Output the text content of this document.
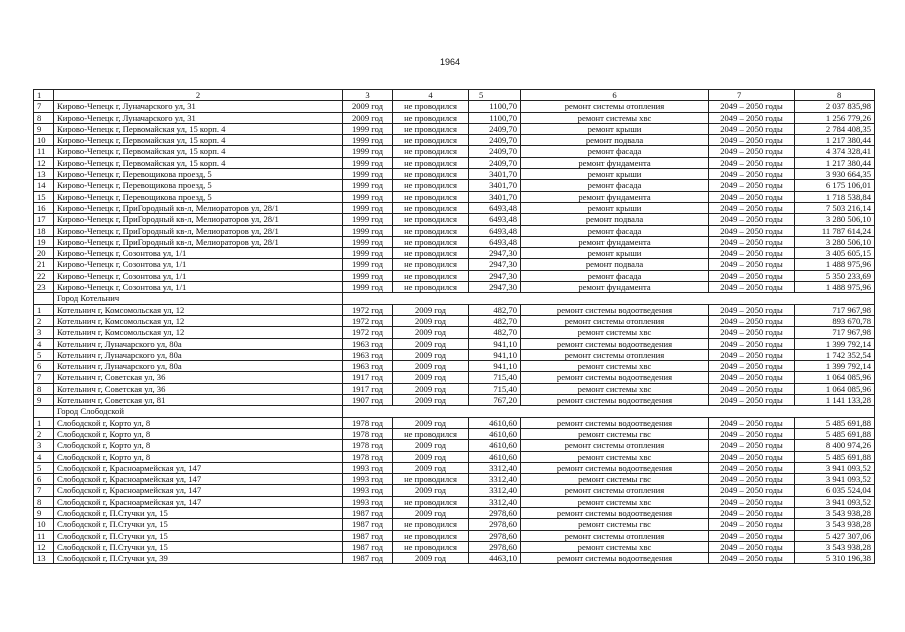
1964
1	2	3	4	5	6	7	8
7	Кирово-Чепецк г, Луначарского ул, 31	2009 год	не проводился	1100,70	ремонт системы отопления	2049 – 2050 годы	2 037 835,98
8	Кирово-Чепецк г, Луначарского ул, 31	2009 год	не проводился	1100,70	ремонт системы хвс	2049 – 2050 годы	1 256 779,26
9	Кирово-Чепецк г, Первомайская ул, 15 корп. 4	1999 год	не проводился	2409,70	ремонт крыши	2049 – 2050 годы	2 784 408,35
10	Кирово-Чепецк г, Первомайская ул, 15 корп. 4	1999 год	не проводился	2409,70	ремонт подвала	2049 – 2050 годы	1 217 380,44
11	Кирово-Чепецк г, Первомайская ул, 15 корп. 4	1999 год	не проводился	2409,70	ремонт фасада	2049 – 2050 годы	4 374 328,41
12	Кирово-Чепецк г, Первомайская ул, 15 корп. 4	1999 год	не проводился	2409,70	ремонт фундамента	2049 – 2050 годы	1 217 380,44
13	Кирово-Чепецк г, Перевощикова проезд, 5	1999 год	не проводился	3401,70	ремонт крыши	2049 – 2050 годы	3 930 664,35
14	Кирово-Чепецк г, Перевощикова проезд, 5	1999 год	не проводился	3401,70	ремонт фасада	2049 – 2050 годы	6 175 106,01
15	Кирово-Чепецк г, Перевощикова проезд, 5	1999 год	не проводился	3401,70	ремонт фундамента	2049 – 2050 годы	1 718 538,84
16	Кирово-Чепецк г, ПриГородный кв-л, Мелиораторов ул, 28/1	1999 год	не проводился	6493,48	ремонт крыши	2049 – 2050 годы	7 503 216,14
17	Кирово-Чепецк г, ПриГородный кв-л, Мелиораторов ул, 28/1	1999 год	не проводился	6493,48	ремонт подвала	2049 – 2050 годы	3 280 506,10
18	Кирово-Чепецк г, ПриГородный кв-л, Мелиораторов ул, 28/1	1999 год	не проводился	6493,48	ремонт фасада	2049 – 2050 годы	11 787 614,24
19	Кирово-Чепецк г, ПриГородный кв-л, Мелиораторов ул, 28/1	1999 год	не проводился	6493,48	ремонт фундамента	2049 – 2050 годы	3 280 506,10
20	Кирово-Чепецк г, Созонтова ул, 1/1	1999 год	не проводился	2947,30	ремонт крыши	2049 – 2050 годы	3 405 605,15
21	Кирово-Чепецк г, Созонтова ул, 1/1	1999 год	не проводился	2947,30	ремонт подвала	2049 – 2050 годы	1 488 975,96
22	Кирово-Чепецк г, Созонтова ул, 1/1	1999 год	не проводился	2947,30	ремонт фасада	2049 – 2050 годы	5 350 233,69
23	Кирово-Чепецк г, Созонтова ул, 1/1	1999 год	не проводился	2947,30	ремонт фундамента	2049 – 2050 годы	1 488 975,96
	Город Котельнич						
1	Котельнич г, Комсомольская ул, 12	1972 год	2009 год	482,70	ремонт системы водоотведения	2049 – 2050 годы	717 967,98
2	Котельнич г, Комсомольская ул, 12	1972 год	2009 год	482,70	ремонт системы отопления	2049 – 2050 годы	893 670,78
3	Котельнич г, Комсомольская ул, 12	1972 год	2009 год	482,70	ремонт системы хвс	2049 – 2050 годы	717 967,98
4	Котельнич г, Луначарского ул, 80а	1963 год	2009 год	941,10	ремонт системы водоотведения	2049 – 2050 годы	1 399 792,14
5	Котельнич г, Луначарского ул, 80а	1963 год	2009 год	941,10	ремонт системы отопления	2049 – 2050 годы	1 742 352,54
6	Котельнич г, Луначарского ул, 80а	1963 год	2009 год	941,10	ремонт системы хвс	2049 – 2050 годы	1 399 792,14
7	Котельнич г, Советская ул, 36	1917 год	2009 год	715,40	ремонт системы водоотведения	2049 – 2050 годы	1 064 085,96
8	Котельнич г, Советская ул, 36	1917 год	2009 год	715,40	ремонт системы хвс	2049 – 2050 годы	1 064 085,96
9	Котельнич г, Советская ул, 81	1907 год	2009 год	767,20	ремонт системы водоотведения	2049 – 2050 годы	1 141 133,28
	Город Слободской						
1	Слободской г, Корто ул, 8	1978 год	2009 год	4610,60	ремонт системы водоотведения	2049 – 2050 годы	5 485 691,88
2	Слободской г, Корто ул, 8	1978 год	не проводился	4610,60	ремонт системы гвс	2049 – 2050 годы	5 485 691,88
3	Слободской г, Корто ул, 8	1978 год	2009 год	4610,60	ремонт системы отопления	2049 – 2050 годы	8 400 974,26
4	Слободской г, Корто ул, 8	1978 год	2009 год	4610,60	ремонт системы хвс	2049 – 2050 годы	5 485 691,88
5	Слободской г, Красноармейская ул, 147	1993 год	2009 год	3312,40	ремонт системы водоотведения	2049 – 2050 годы	3 941 093,52
6	Слободской г, Красноармейская ул, 147	1993 год	не проводился	3312,40	ремонт системы гвс	2049 – 2050 годы	3 941 093,52
7	Слободской г, Красноармейская ул, 147	1993 год	2009 год	3312,40	ремонт системы отопления	2049 – 2050 годы	6 035 524,04
8	Слободской г, Красноармейская ул, 147	1993 год	не проводился	3312,40	ремонт системы хвс	2049 – 2050 годы	3 941 093,52
9	Слободской г, П.Стучки ул, 15	1987 год	2009 год	2978,60	ремонт системы водоотведения	2049 – 2050 годы	3 543 938,28
10	Слободской г, П.Стучки ул, 15	1987 год	не проводился	2978,60	ремонт системы гвс	2049 – 2050 годы	3 543 938,28
11	Слободской г, П.Стучки ул, 15	1987 год	не проводился	2978,60	ремонт системы отопления	2049 – 2050 годы	5 427 307,06
12	Слободской г, П.Стучки ул, 15	1987 год	не проводился	2978,60	ремонт системы хвс	2049 – 2050 годы	3 543 938,28
13	Слободской г, П.Стучки ул, 39	1987 год	2009 год	4463,10	ремонт системы водоотведения	2049 – 2050 годы	5 310 196,38
